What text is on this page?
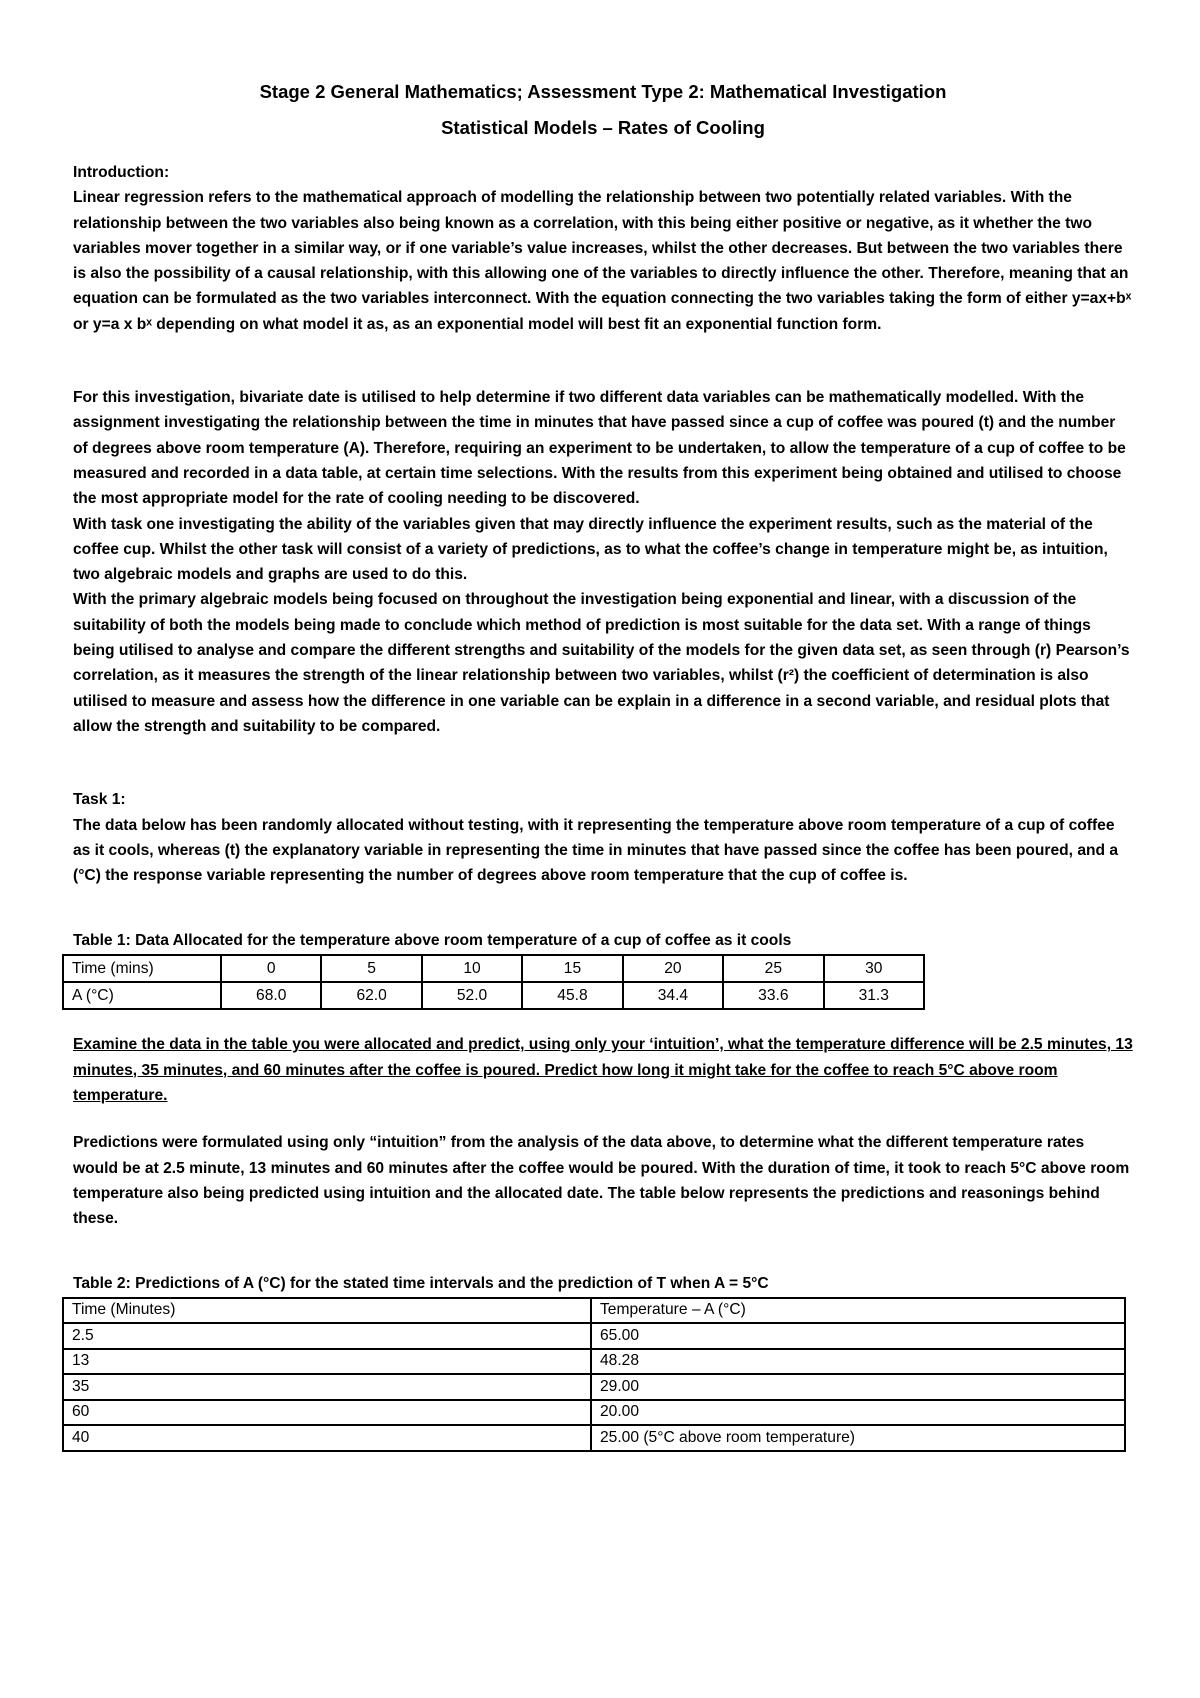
Stage 2 General Mathematics; Assessment Type 2: Mathematical Investigation
Statistical Models – Rates of Cooling

Introduction:

Linear regression refers to the mathematical approach of modelling the relationship between two potentially related variables. With the relationship between the two variables also being known as a correlation, with this being either positive or negative, as it whether the two variables mover together in a similar way, or if one variable’s value increases, whilst the other decreases. But between the two variables there is also the possibility of a causal relationship, with this allowing one of the variables to directly influence the other. Therefore, meaning that an equation can be formulated as the two variables interconnect. With the equation connecting the two variables taking the form of either y=ax+bˣ or y=a x bˣ depending on what model it as, as an exponential model will best fit an exponential function form.

For this investigation, bivariate date is utilised to help determine if two different data variables can be mathematically modelled. With the assignment investigating the relationship between the time in minutes that have passed since a cup of coffee was poured (t) and the number of degrees above room temperature (A). Therefore, requiring an experiment to be undertaken, to allow the temperature of a cup of coffee to be measured and recorded in a data table, at certain time selections. With the results from this experiment being obtained and utilised to choose the most appropriate model for the rate of cooling needing to be discovered.

With task one investigating the ability of the variables given that may directly influence the experiment results, such as the material of the coffee cup. Whilst the other task will consist of a variety of predictions, as to what the coffee’s change in temperature might be, as intuition, two algebraic models and graphs are used to do this.

With the primary algebraic models being focused on throughout the investigation being exponential and linear, with a discussion of the suitability of both the models being made to conclude which method of prediction is most suitable for the data set. With a range of things being utilised to analyse and compare the different strengths and suitability of the models for the given data set, as seen through (r) Pearson’s correlation, as it measures the strength of the linear relationship between two variables, whilst (r²) the coefficient of determination is also utilised to measure and assess how the difference in one variable can be explain in a difference in a second variable, and residual plots that allow the strength and suitability to be compared.

Task 1:

The data below has been randomly allocated without testing, with it representing the temperature above room temperature of a cup of coffee as it cools, whereas (t) the explanatory variable in representing the time in minutes that have passed since the coffee has been poured, and a (°C) the response variable representing the number of degrees above room temperature that the cup of coffee is.

Table 1: Data Allocated for the temperature above room temperature of a cup of coffee as it cools

Time (mins)	0	5	10	15	20	25	30
A (°C)	68.0	62.0	52.0	45.8	34.4	33.6	31.3

Examine the data in the table you were allocated and predict, using only your ‘intuition’, what the temperature difference will be 2.5 minutes, 13 minutes, 35 minutes, and 60 minutes after the coffee is poured. Predict how long it might take for the coffee to reach 5°C above room temperature.

Predictions were formulated using only “intuition” from the analysis of the data above, to determine what the different temperature rates would be at 2.5 minute, 13 minutes and 60 minutes after the coffee would be poured. With the duration of time, it took to reach 5°C above room temperature also being predicted using intuition and the allocated date. The table below represents the predictions and reasonings behind these.

Table 2: Predictions of A (°C) for the stated time intervals and the prediction of T when A = 5°C

Time (Minutes)	Temperature – A (°C)
2.5	65.00
13	48.28
35	29.00
60	20.00
40	25.00 (5°C above room temperature)
